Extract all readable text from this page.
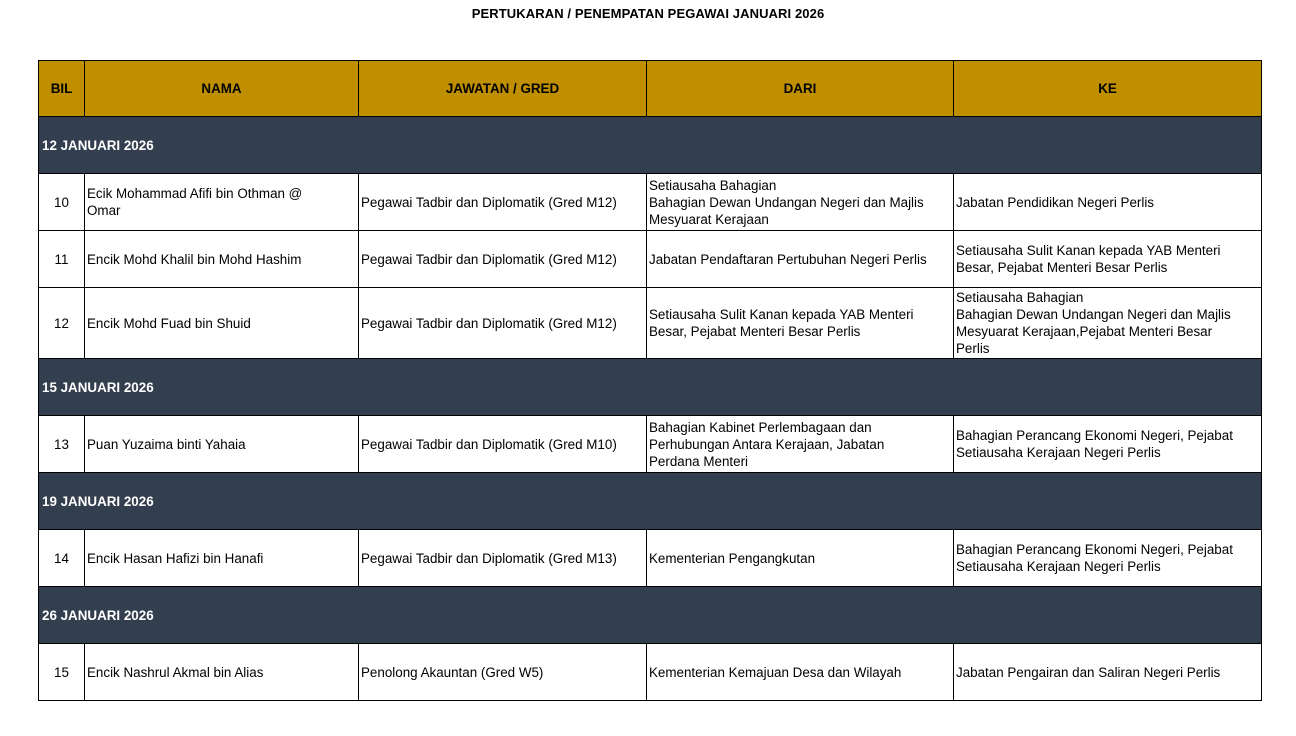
PERTUKARAN / PENEMPATAN PEGAWAI JANUARI 2026
BIL	NAMA	JAWATAN / GRED	DARI	KE
12 JANUARI 2026				
10	Ecik Mohammad Afifi bin Othman @
Omar	Pegawai Tadbir dan Diplomatik (Gred M12)	Setiausaha Bahagian
Bahagian Dewan Undangan Negeri dan Majlis
Mesyuarat Kerajaan	Jabatan Pendidikan Negeri Perlis
11	Encik Mohd Khalil bin Mohd Hashim	Pegawai Tadbir dan Diplomatik (Gred M12)	Jabatan Pendaftaran Pertubuhan Negeri Perlis	Setiausaha Sulit Kanan kepada YAB Menteri
Besar, Pejabat Menteri Besar Perlis
12	Encik Mohd Fuad bin Shuid	Pegawai Tadbir dan Diplomatik (Gred M12)	Setiausaha Sulit Kanan kepada YAB Menteri
Besar, Pejabat Menteri Besar Perlis	Setiausaha Bahagian
Bahagian Dewan Undangan Negeri dan Majlis
Mesyuarat Kerajaan,Pejabat Menteri Besar
Perlis
15 JANUARI 2026				
13	Puan Yuzaima binti Yahaia	Pegawai Tadbir dan Diplomatik (Gred M10)	Bahagian Kabinet Perlembagaan dan
Perhubungan Antara Kerajaan, Jabatan
Perdana Menteri	Bahagian Perancang Ekonomi Negeri, Pejabat
Setiausaha Kerajaan Negeri Perlis
19 JANUARI 2026				
14	Encik Hasan Hafizi bin Hanafi	Pegawai Tadbir dan Diplomatik (Gred M13)	Kementerian Pengangkutan	Bahagian Perancang Ekonomi Negeri, Pejabat
Setiausaha Kerajaan Negeri Perlis
26 JANUARI 2026				
15	Encik Nashrul Akmal bin Alias	Penolong Akauntan (Gred W5)	Kementerian Kemajuan Desa dan Wilayah	Jabatan Pengairan dan Saliran Negeri Perlis
